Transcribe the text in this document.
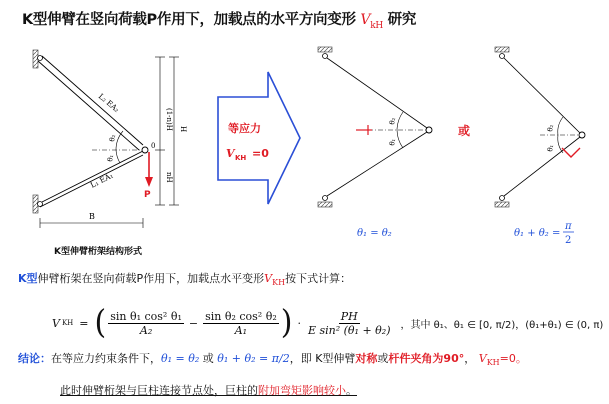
K型伸臂在竖向荷载P作用下，加载点的水平方向变形 $V_{kH}$ 研究
L₂ EA₂
L₁ EA₁
θ₂
θ₁
0
P
B
(1-n)H H
nH
等应力
V KH =0
θ₂
θ₁
θ₁ = θ₂
或	θ₂
θ₁
θ₁ + θ₂ =
π
2
K型伸臂桁架结构形式
K型伸臂桁架在竖向荷载P作用下，加载点水平变形$V_{KH}$按下式计算：
V KH = ( $\frac{\text{sin θ₁ cos² θ₁}}{\text{A₂}} - \frac{\text{sin θ₂ cos² θ₂}}{\text{A₁}}$ ) · $\frac{PH}{\text{E sin² (θ₁ + θ₂)}}$ ，其中 θ₁、θ₁ ∈ [0, π/2)，(θ₁+θ₁) ∈ (0, π)
结论：在等应力约束条件下，θ₁ = θ₂ 或 θ₁ + θ₂ = π/2，即 K型伸臂对称或杆件夹角为90°， $V_{KH}=0$。
此时伸臂桁架与巨柱连接节点处，巨柱的附加弯矩影响较小。
